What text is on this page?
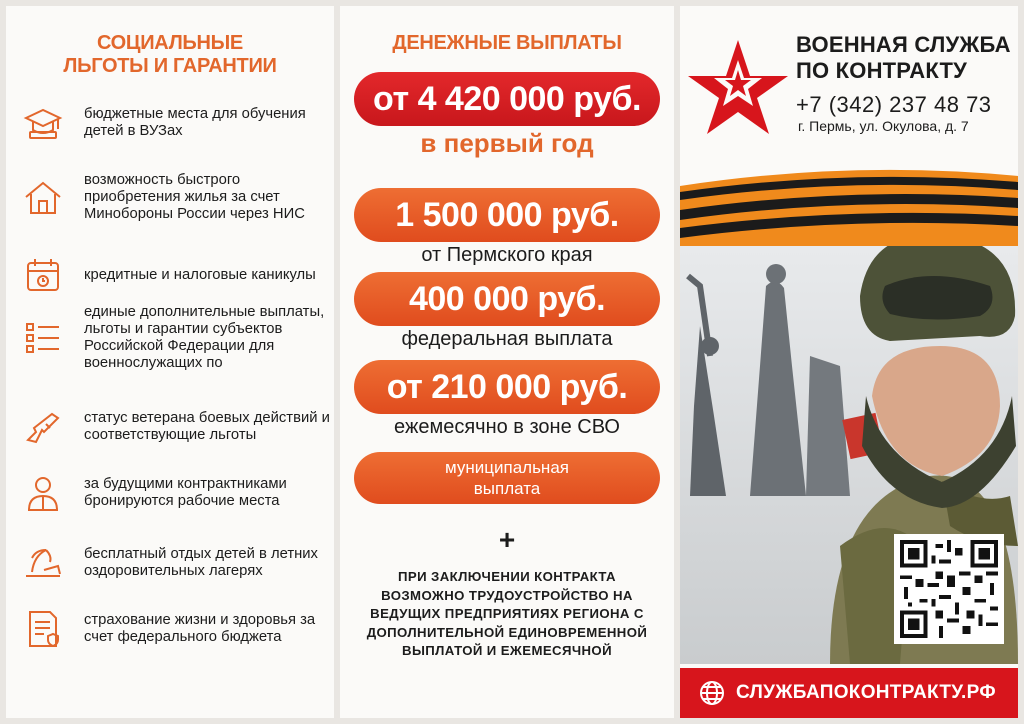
СОЦИАЛЬНЫЕ
ЛЬГОТЫ И ГАРАНТИИ
бюджетные места для обучения детей в ВУЗах
возможность быстрого приобретения жилья за счет Минобороны России через НИС
кредитные и налоговые каникулы
единые дополнительные выплаты, льготы и гарантии субъектов Российской Федерации для военнослужащих по
статус ветерана боевых действий и соответствующие льготы
за будущими контрактниками бронируются рабочие места
бесплатный отдых детей в летних оздоровительных лагерях
страхование жизни и здоровья за счет федерального бюджета
ДЕНЕЖНЫЕ ВЫПЛАТЫ
от 4 420 000 руб.
в первый год
1 500 000 руб.
от Пермского края
400 000 руб.
федеральная выплата
от 210 000 руб.
ежемесячно в зоне СВО
муниципальная
выплата
+
ПРИ ЗАКЛЮЧЕНИИ КОНТРАКТА
ВОЗМОЖНО ТРУДОУСТРОЙСТВО НА
ВЕДУЩИХ ПРЕДПРИЯТИЯХ РЕГИОНА С
ДОПОЛНИТЕЛЬНОЙ ЕДИНОВРЕМЕННОЙ
ВЫПЛАТОЙ И ЕЖЕМЕСЯЧНОЙ
ВОЕННАЯ СЛУЖБА
ПО КОНТРАКТУ
+7 (342) 237 48 73
г. Пермь, ул. Окулова, д. 7
СЛУЖБАПОКОНТРАКТУ.РФ
